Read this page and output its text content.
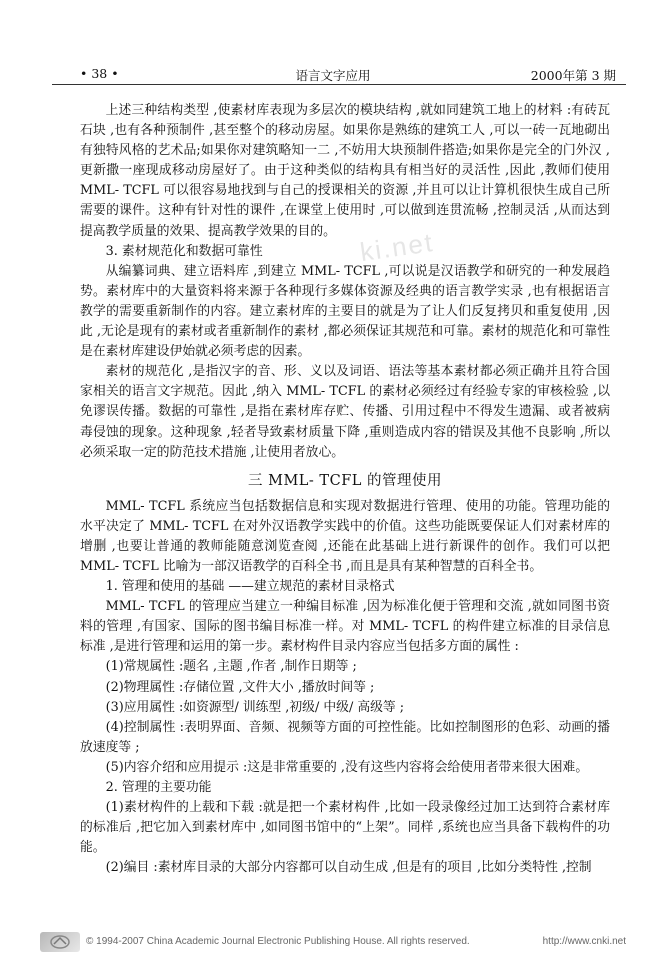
• 38 •	语言文字应用	2000年第 3 期
ki.net

上述三种结构类型 ,使素材库表现为多层次的模块结构 ,就如同建筑工地上的材料 :有砖瓦石块 ,也有各种预制件 ,甚至整个的移动房屋。如果你是熟练的建筑工人 ,可以一砖一瓦地砌出有独特风格的艺术品;如果你对建筑略知一二 ,不妨用大块预制件搭造;如果你是完全的门外汉 ,更新撒一座现成移动房屋好了。由于这种类似的结构具有相当好的灵活性 ,因此 ,教师们使用 MML- TCFL 可以很容易地找到与自己的授课相关的资源 ,并且可以让计算机很快生成自己所需要的课件。这种有针对性的课件 ,在课堂上使用时 ,可以做到连贯流畅 ,控制灵活 ,从而达到提高教学质量的效果、提高教学效果的目的。

3. 素材规范化和数据可靠性

从编纂词典、建立语料库 ,到建立 MML- TCFL ,可以说是汉语教学和研究的一种发展趋势。素材库中的大量资料将来源于各种现行多媒体资源及经典的语言教学实录 ,也有根据语言教学的需要重新制作的内容。建立素材库的主要目的就是为了让人们反复拷贝和重复使用 ,因此 ,无论是现有的素材或者重新制作的素材 ,都必须保证其规范和可靠。素材的规范化和可靠性是在素材库建设伊始就必须考虑的因素。

素材的规范化 ,是指汉字的音、形、义以及词语、语法等基本素材都必须正确并且符合国家相关的语言文字规范。因此 ,纳入 MML- TCFL 的素材必须经过有经验专家的审核检验 ,以免谬误传播。数据的可靠性 ,是指在素材库存贮、传播、引用过程中不得发生遗漏、或者被病毒侵蚀的现象。这种现象 ,轻者导致素材质量下降 ,重则造成内容的错误及其他不良影响 ,所以必须采取一定的防范技术措施 ,让使用者放心。

三 MML- TCFL 的管理使用

MML- TCFL 系统应当包括数据信息和实现对数据进行管理、使用的功能。管理功能的水平决定了 MML- TCFL 在对外汉语教学实践中的价值。这些功能既要保证人们对素材库的增删 ,也要让普通的教师能随意浏览查阅 ,还能在此基础上进行新课件的创作。我们可以把 MML- TCFL 比喻为一部汉语教学的百科全书 ,而且是具有某种智慧的百科全书。

1. 管理和使用的基础 ——建立规范的素材目录格式

MML- TCFL 的管理应当建立一种编目标准 ,因为标准化便于管理和交流 ,就如同图书资料的管理 ,有国家、国际的图书编目标准一样。对 MML- TCFL 的构件建立标准的目录信息标准 ,是进行管理和运用的第一步。素材构件目录内容应当包括多方面的属性 :

(1)常规属性 :题名 ,主题 ,作者 ,制作日期等 ;

(2)物理属性 :存储位置 ,文件大小 ,播放时间等 ;

(3)应用属性 :如资源型/ 训练型 ,初级/ 中级/ 高级等 ;

(4)控制属性 :表明界面、音频、视频等方面的可控性能。比如控制图形的色彩、动画的播放速度等 ;

(5)内容介绍和应用提示 :这是非常重要的 ,没有这些内容将会给使用者带来很大困难。

2. 管理的主要功能

(1)素材构件的上载和下载 :就是把一个素材构件 ,比如一段录像经过加工达到符合素材库的标准后 ,把它加入到素材库中 ,如同图书馆中的“上架”。同样 ,系统也应当具备下载构件的功能。

(2)编目 :素材库目录的大部分内容都可以自动生成 ,但是有的项目 ,比如分类特性 ,控制

© 1994-2007 China Academic Journal Electronic Publishing House. All rights reserved.	http://www.cnki.net
